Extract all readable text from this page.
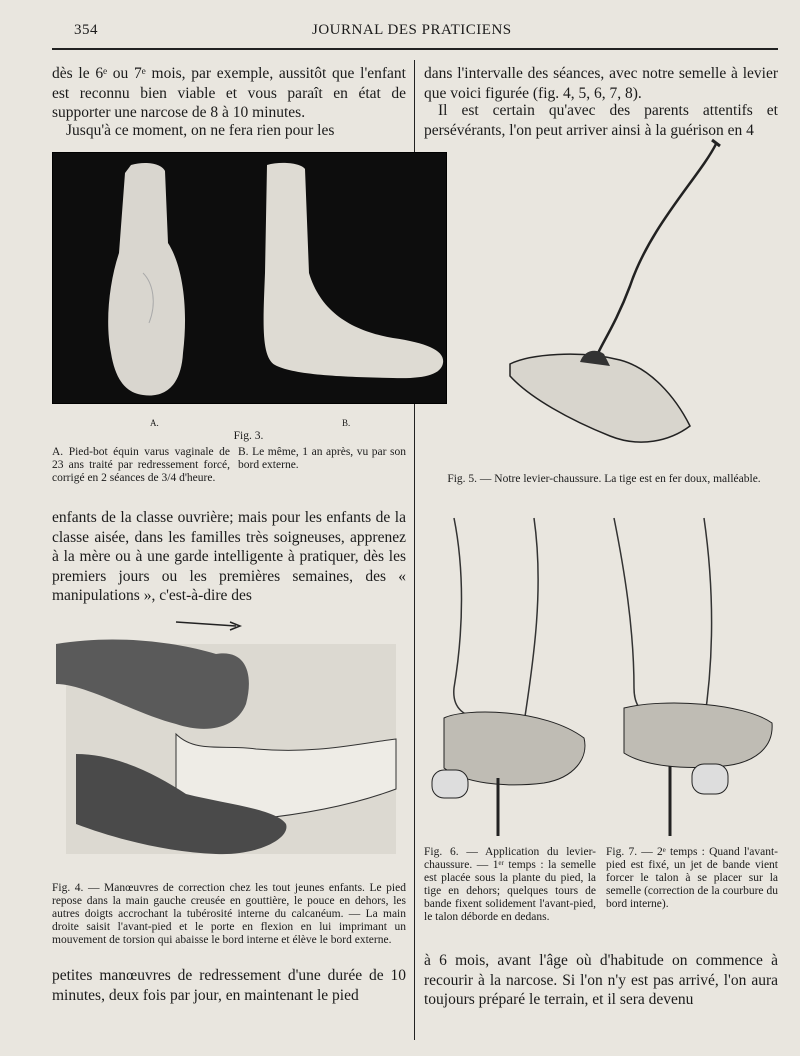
354	JOURNAL DES PRATICIENS
dès le 6ᵉ ou 7ᵉ mois, par exemple, aussitôt que l'enfant est reconnu bien viable et vous paraît en état de supporter une narcose de 8 à 10 minutes.
Jusqu'à ce moment, on ne fera rien pour les
A.	B.
Fig. 3.
A. Pied-bot équin varus vaginale de 23 ans traité par redressement forcé, corrigé en 2 séances de 3/4 d'heure.
B. Le même, 1 an après, vu par son bord externe.
enfants de la classe ouvrière; mais pour les enfants de la classe aisée, dans les familles très soigneuses, apprenez à la mère ou à une garde intelligente à pratiquer, dès les premiers jours ou les premières semaines, des « manipulations », c'est-à-dire des
Fig. 4. — Manœuvres de correction chez les tout jeunes enfants. Le pied repose dans la main gauche creusée en gouttière, le pouce en dehors, les autres doigts accrochant la tubérosité interne du calcanéum. — La main droite saisit l'avant-pied et le porte en flexion en lui imprimant un mouvement de torsion qui abaisse le bord interne et élève le bord externe.
petites manœuvres de redressement d'une durée de 10 minutes, deux fois par jour, en maintenant le pied
dans l'intervalle des séances, avec notre semelle à levier que voici figurée (fig. 4, 5, 6, 7, 8).
Il est certain qu'avec des parents attentifs et persévérants, l'on peut arriver ainsi à la guérison en 4
Fig. 5. — Notre levier-chaussure. La tige est en fer doux, malléable.
Fig. 6. — Application du levier-chaussure. — 1ᵉʳ temps : la semelle est placée sous la plante du pied, la tige en dehors; quelques tours de bande fixent solidement l'avant-pied, le talon déborde en dedans.
Fig. 7. — 2ᵉ temps : Quand l'avant-pied est fixé, un jet de bande vient forcer le talon à se placer sur la semelle (correction de la courbure du bord interne).
à 6 mois, avant l'âge où d'habitude on commence à recourir à la narcose. Si l'on n'y est pas arrivé, l'on aura toujours préparé le terrain, et il sera devenu
